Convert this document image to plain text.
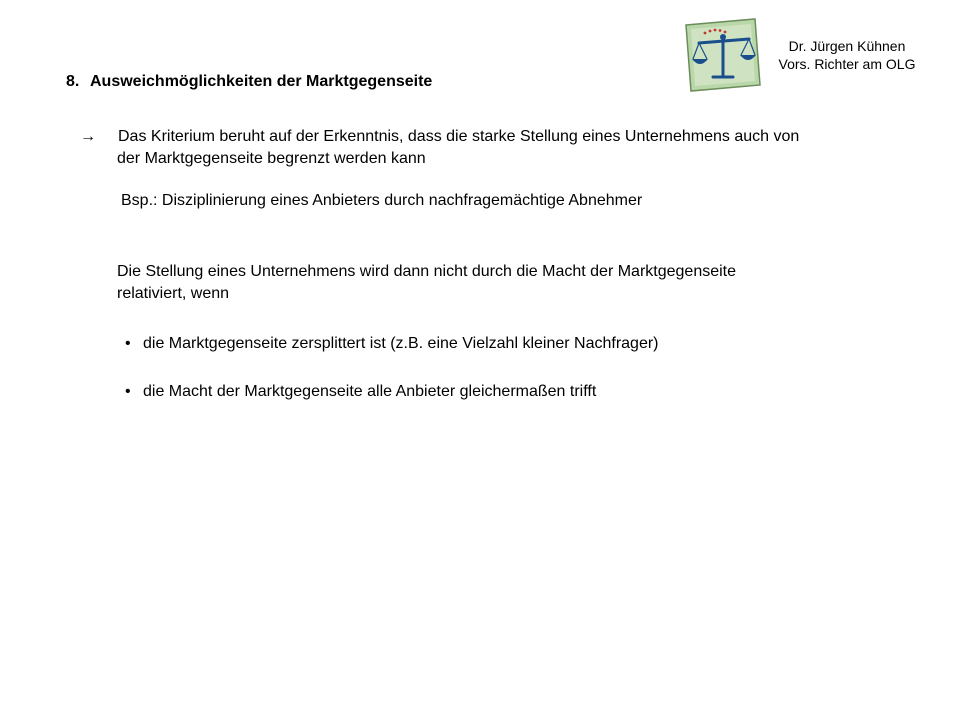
Dr. Jürgen Kühnen
Vors. Richter am OLG
8. Ausweichmöglichkeiten der Marktgegenseite
→ Das Kriterium beruht auf der Erkenntnis, dass die starke Stellung eines Unternehmens auch von
der Marktgegenseite begrenzt werden kann
Bsp.: Disziplinierung eines Anbieters durch nachfragemächtige Abnehmer
Die Stellung eines Unternehmens wird dann nicht durch die Macht der Marktgegenseite
relativiert, wenn
• die Marktgegenseite zersplittert ist (z.B. eine Vielzahl kleiner Nachfrager)
• die Macht der Marktgegenseite alle Anbieter gleichermaßen trifft
